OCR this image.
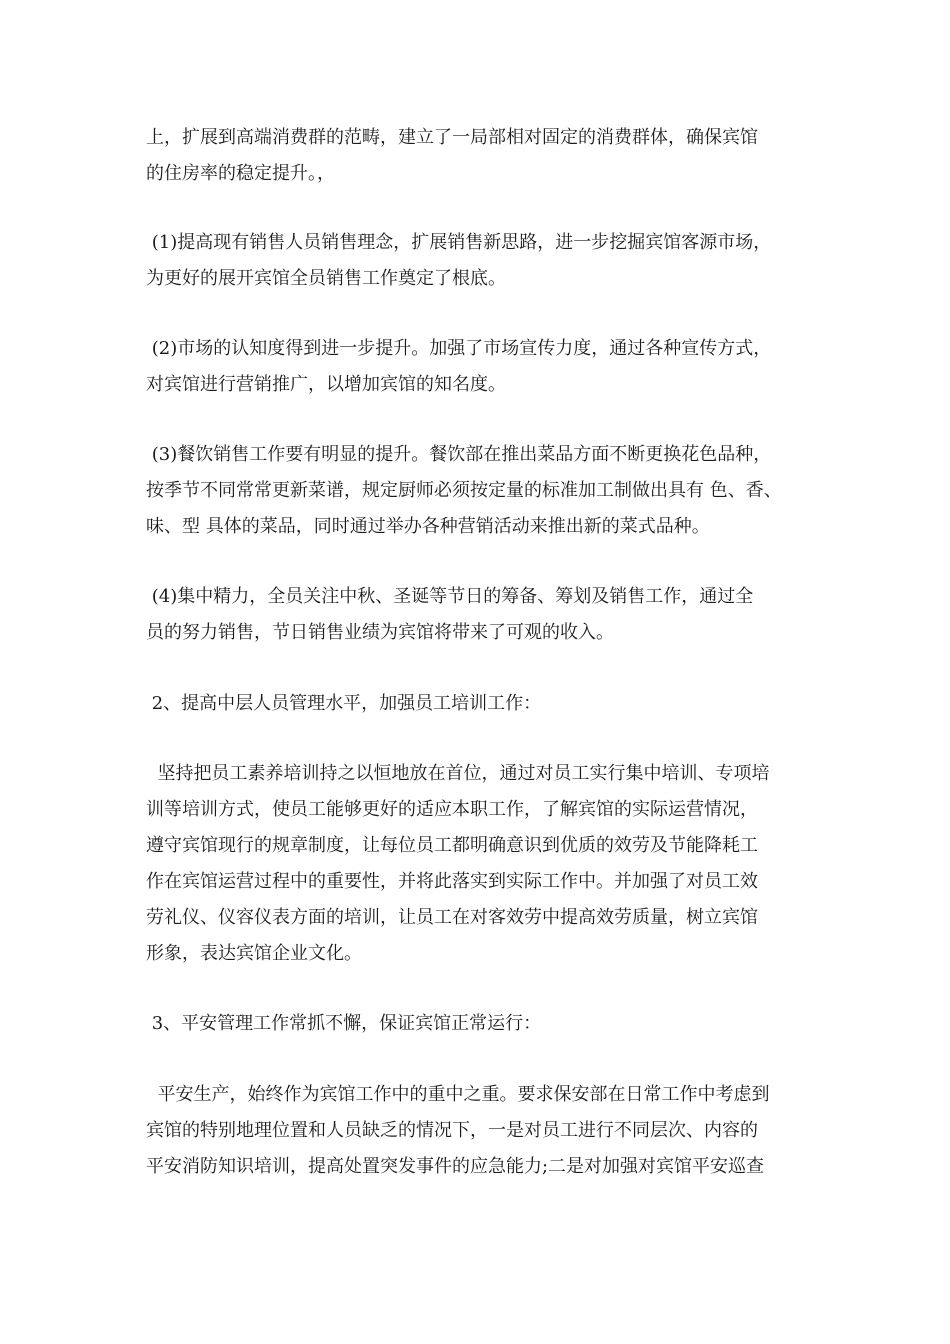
上，扩展到高端消费群的范畴，建立了一局部相对固定的消费群体，确保宾馆
的住房率的稳定提升。，
(1)提高现有销售人员销售理念，扩展销售新思路，进一步挖掘宾馆客源市场，
为更好的展开宾馆全员销售工作奠定了根底。
(2)市场的认知度得到进一步提升。加强了市场宣传力度，通过各种宣传方式，
对宾馆进行营销推广，以增加宾馆的知名度。
(3)餐饮销售工作要有明显的提升。餐饮部在推出菜品方面不断更换花色品种，
按季节不同常常更新菜谱，规定厨师必须按定量的标准加工制做出具有 色、香、
味、型 具体的菜品，同时通过举办各种营销活动来推出新的菜式品种。
(4)集中精力，全员关注中秋、圣诞等节日的筹备、筹划及销售工作，通过全
员的努力销售，节日销售业绩为宾馆将带来了可观的收入。
2、提高中层人员管理水平，加强员工培训工作：
坚持把员工素养培训持之以恒地放在首位，通过对员工实行集中培训、专项培
训等培训方式，使员工能够更好的适应本职工作，了解宾馆的实际运营情况，
遵守宾馆现行的规章制度，让每位员工都明确意识到优质的效劳及节能降耗工
作在宾馆运营过程中的重要性，并将此落实到实际工作中。并加强了对员工效
劳礼仪、仪容仪表方面的培训，让员工在对客效劳中提高效劳质量，树立宾馆
形象，表达宾馆企业文化。
3、平安管理工作常抓不懈，保证宾馆正常运行：
平安生产，始终作为宾馆工作中的重中之重。要求保安部在日常工作中考虑到
宾馆的特别地理位置和人员缺乏的情况下，一是对员工进行不同层次、内容的
平安消防知识培训，提高处置突发事件的应急能力;二是对加强对宾馆平安巡查
